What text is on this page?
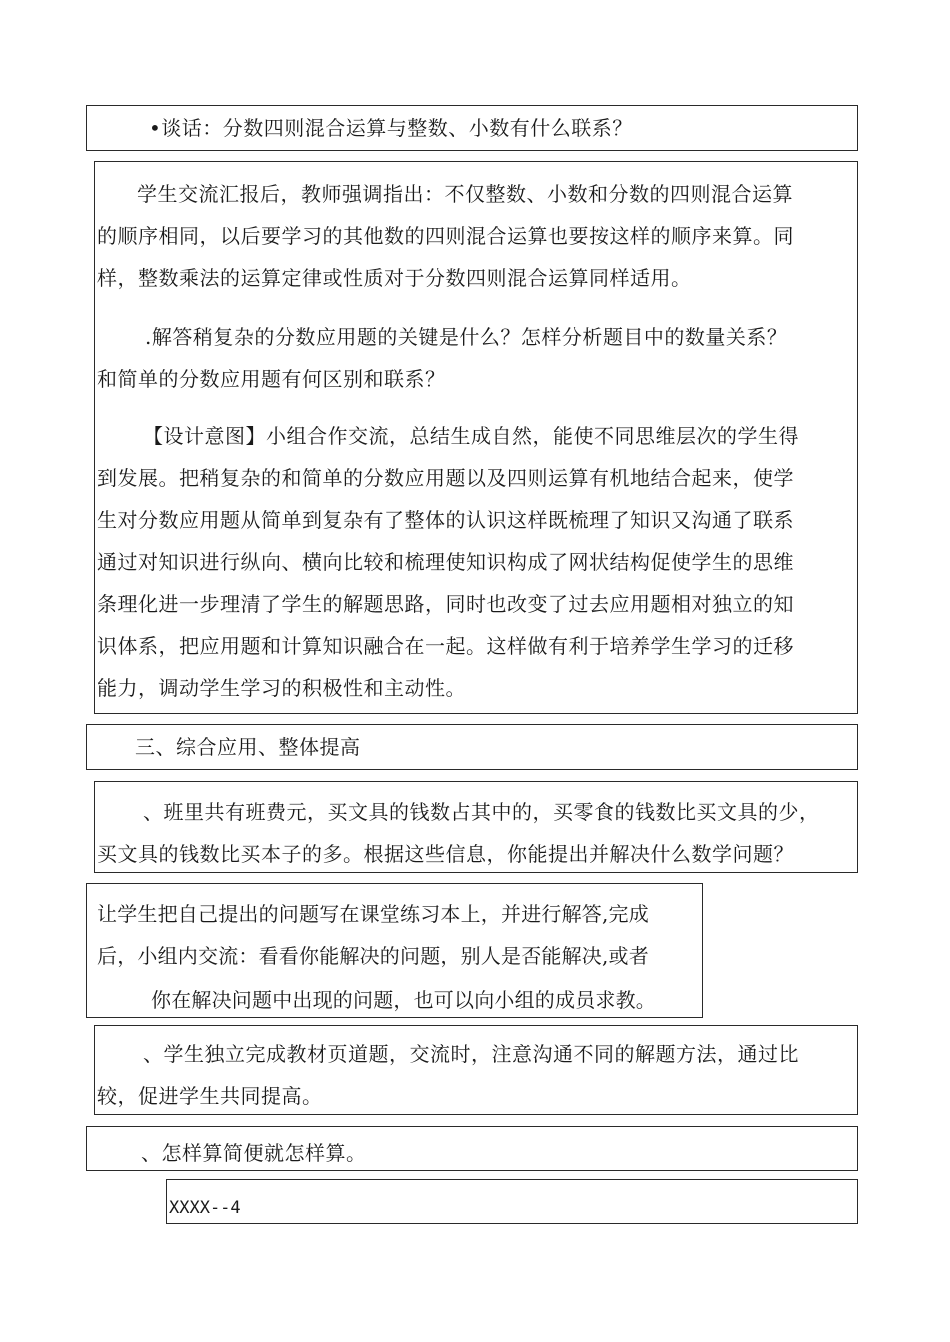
•谈话：分数四则混合运算与整数、小数有什么联系？
学生交流汇报后，教师强调指出：不仅整数、小数和分数的四则混合运算
的顺序相同，以后要学习的其他数的四则混合运算也要按这样的顺序来算。同
样，整数乘法的运算定律或性质对于分数四则混合运算同样适用。
.解答稍复杂的分数应用题的关键是什么？怎样分析题目中的数量关系？
和简单的分数应用题有何区别和联系？
【设计意图】小组合作交流，总结生成自然，能使不同思维层次的学生得
到发展。把稍复杂的和简单的分数应用题以及四则运算有机地结合起来，使学
生对分数应用题从简单到复杂有了整体的认识这样既梳理了知识又沟通了联系
通过对知识进行纵向、横向比较和梳理使知识构成了网状结构促使学生的思维
条理化进一步理清了学生的解题思路，同时也改变了过去应用题相对独立的知
识体系，把应用题和计算知识融合在一起。这样做有利于培养学生学习的迁移
能力，调动学生学习的积极性和主动性。
三、综合应用、整体提高
、班里共有班费元，买文具的钱数占其中的，买零食的钱数比买文具的少，
买文具的钱数比买本子的多。根据这些信息，你能提出并解决什么数学问题？
让学生把自己提出的问题写在课堂练习本上，并进行解答,完成
后，小组内交流：看看你能解决的问题，别人是否能解决,或者
你在解决问题中出现的问题，也可以向小组的成员求教。
、学生独立完成教材页道题，交流时，注意沟通不同的解题方法，通过比
较，促进学生共同提高。
、怎样算简便就怎样算。
XXXX--4
